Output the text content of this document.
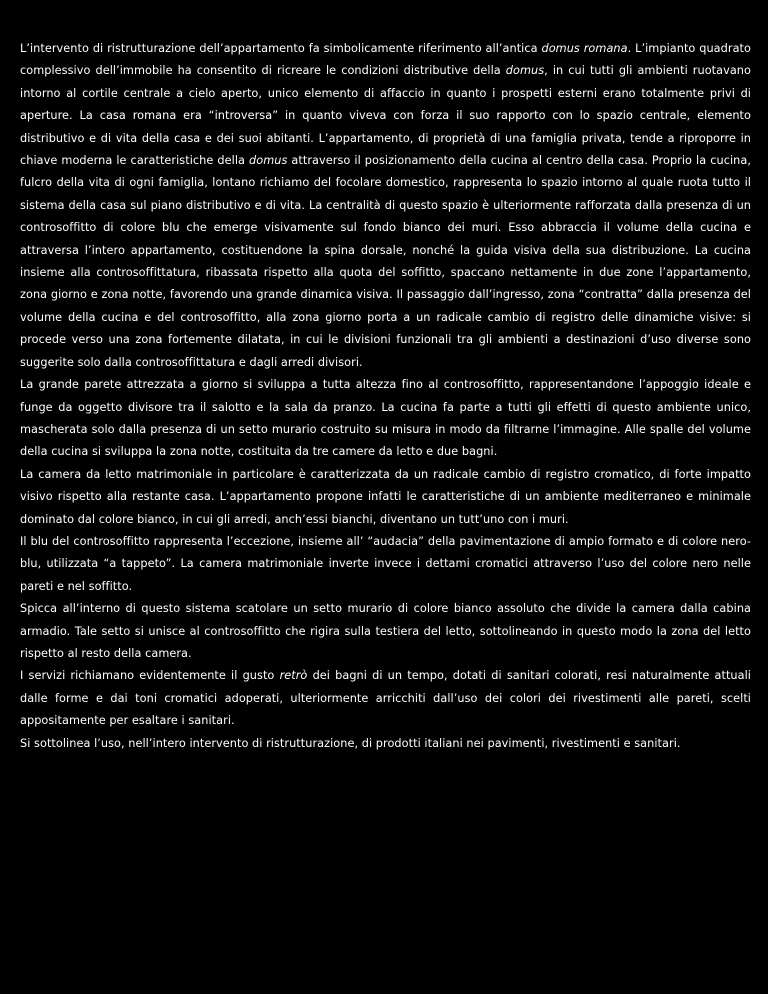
L’intervento di ristrutturazione dell’appartamento fa simbolicamente riferimento all’antica domus romana. L’impianto quadrato complessivo dell’immobile ha consentito di ricreare le condizioni distributive della domus, in cui tutti gli ambienti ruotavano intorno al cortile centrale a cielo aperto, unico elemento di affaccio in quanto i prospetti esterni erano totalmente privi di aperture. La casa romana era “introversa” in quanto viveva con forza il suo rapporto con lo spazio centrale, elemento distributivo e di vita della casa e dei suoi abitanti. L’appartamento, di proprietà di una famiglia privata, tende a riproporre in chiave moderna le caratteristiche della domus attraverso il posizionamento della cucina al centro della casa. Proprio la cucina, fulcro della vita di ogni famiglia, lontano richiamo del focolare domestico, rappresenta lo spazio intorno al quale ruota tutto il sistema della casa sul piano distributivo e di vita. La centralità di questo spazio è ulteriormente rafforzata dalla presenza di un controsoffitto di colore blu che emerge visivamente sul fondo bianco dei muri. Esso abbraccia il volume della cucina e attraversa l’intero appartamento, costituendone la spina dorsale, nonché la guida visiva della sua distribuzione. La cucina insieme alla controsoffittatura, ribassata rispetto alla quota del soffitto, spaccano nettamente in due zone l’appartamento, zona giorno e zona notte, favorendo una grande dinamica visiva. Il passaggio dall’ingresso, zona “contratta” dalla presenza del volume della cucina e del controsoffitto, alla zona giorno porta a un radicale cambio di registro delle dinamiche visive: si procede verso una zona fortemente dilatata, in cui le divisioni funzionali tra gli ambienti a destinazioni d’uso diverse sono suggerite solo dalla controsoffittatura e dagli arredi divisori.

La grande parete attrezzata a giorno si sviluppa a tutta altezza fino al controsoffitto, rappresentandone l’appoggio ideale e funge da oggetto divisore tra il salotto e la sala da pranzo. La cucina fa parte a tutti gli effetti di questo ambiente unico, mascherata solo dalla presenza di un setto murario costruito su misura in modo da filtrarne l’immagine. Alle spalle del volume della cucina si sviluppa la zona notte, costituita da tre camere da letto e due bagni.

La camera da letto matrimoniale in particolare è caratterizzata da un radicale cambio di registro cromatico, di forte impatto visivo rispetto alla restante casa. L’appartamento propone infatti le caratteristiche di un ambiente mediterraneo e minimale dominato dal colore bianco, in cui gli arredi, anch’essi bianchi, diventano un tutt’uno con i muri.

Il blu del controsoffitto rappresenta l’eccezione, insieme all’ “audacia” della pavimentazione di ampio formato e di colore nero-blu, utilizzata “a tappeto”. La camera matrimoniale inverte invece i dettami cromatici attraverso l’uso del colore nero nelle pareti e nel soffitto.

Spicca all’interno di questo sistema scatolare un setto murario di colore bianco assoluto che divide la camera dalla cabina armadio. Tale setto si unisce al controsoffitto che rigira sulla testiera del letto, sottolineando in questo modo la zona del letto rispetto al resto della camera.

I servizi richiamano evidentemente il gusto retrò dei bagni di un tempo, dotati di sanitari colorati, resi naturalmente attuali dalle forme e dai toni cromatici adoperati, ulteriormente arricchiti dall’uso dei colori dei rivestimenti alle pareti, scelti appositamente per esaltare i sanitari.

Si sottolinea l’uso, nell’intero intervento di ristrutturazione, di prodotti italiani nei pavimenti, rivestimenti e sanitari.
